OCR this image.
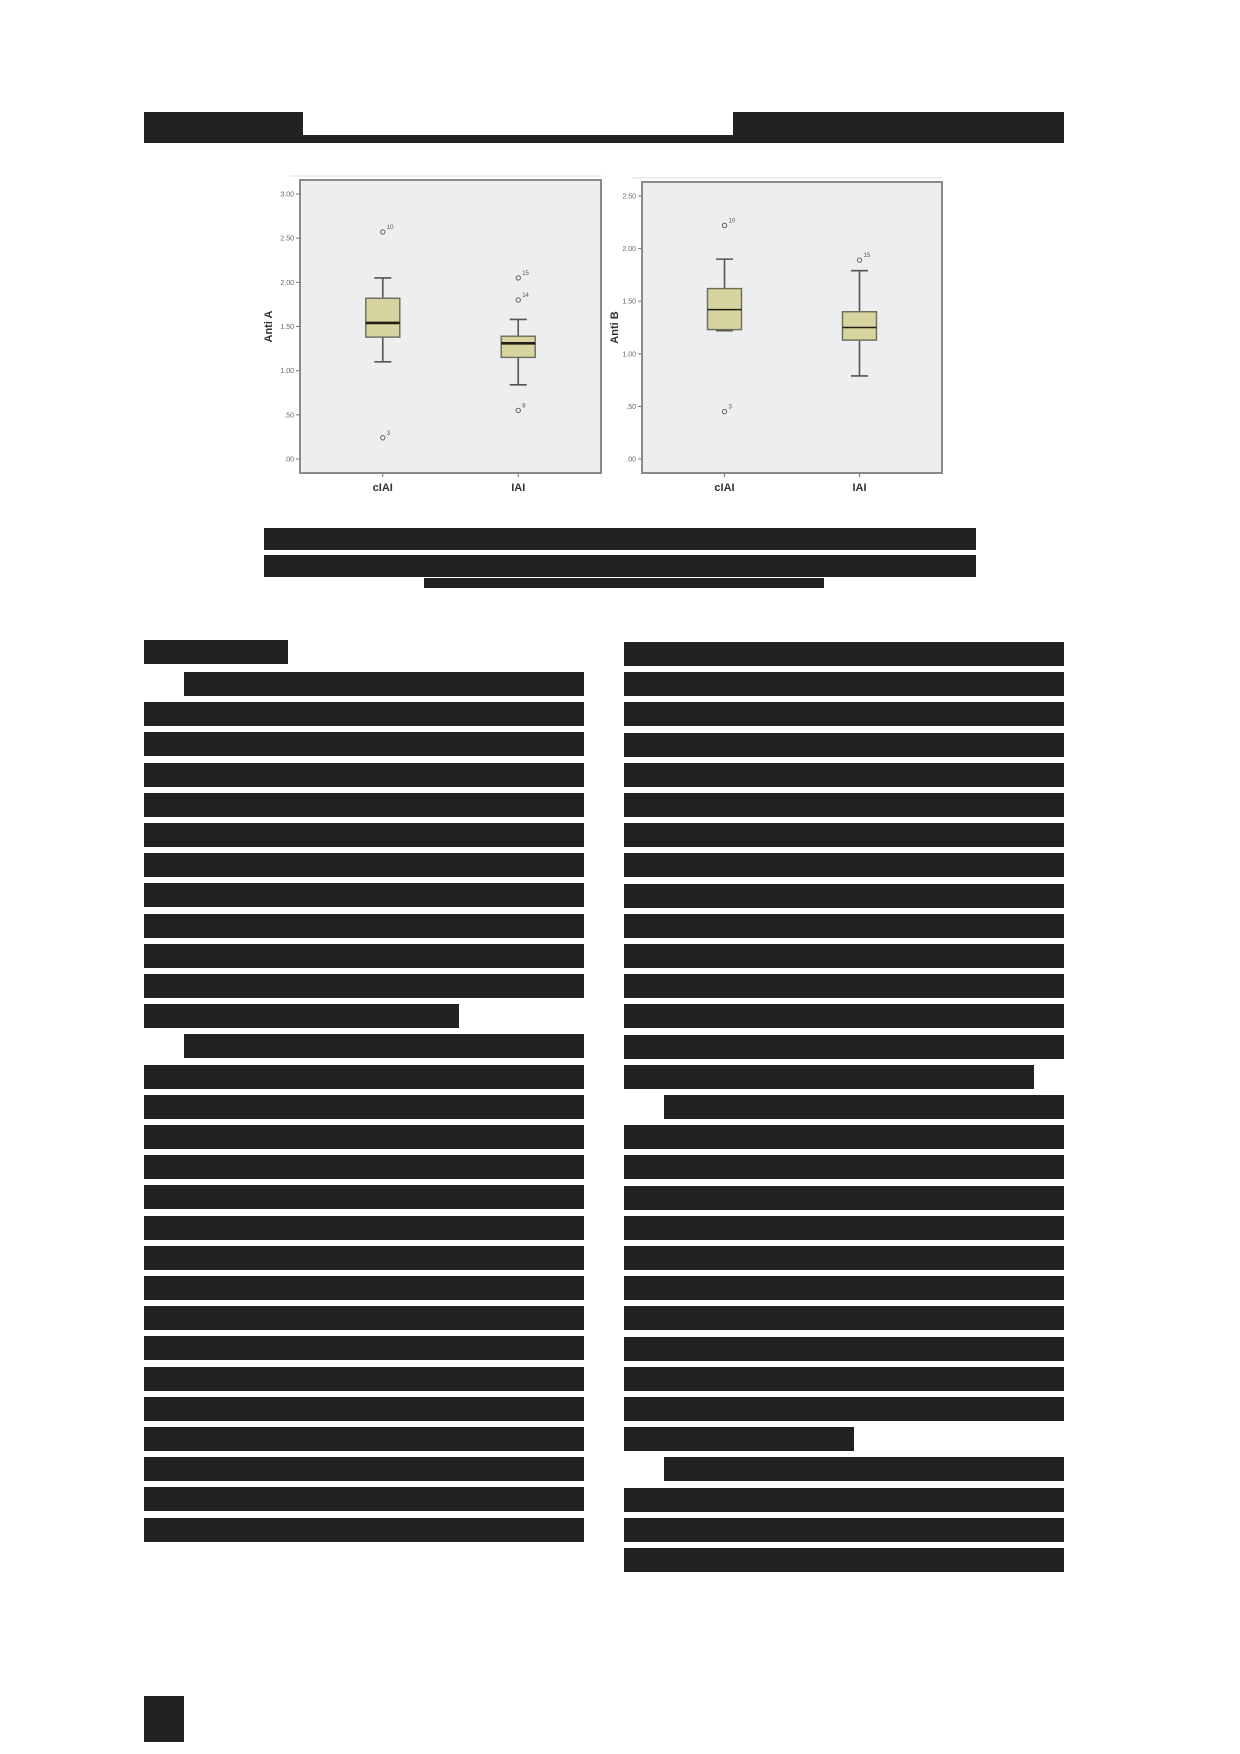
.00
.50
1.00
1.50
2.00
2.50
3.00
Anti A
10
3
cIAI
15
14
8
IAI
.00
.50
1.00
1.50
2.00
2.50
Anti B
10
3
cIAI
15
IAI
